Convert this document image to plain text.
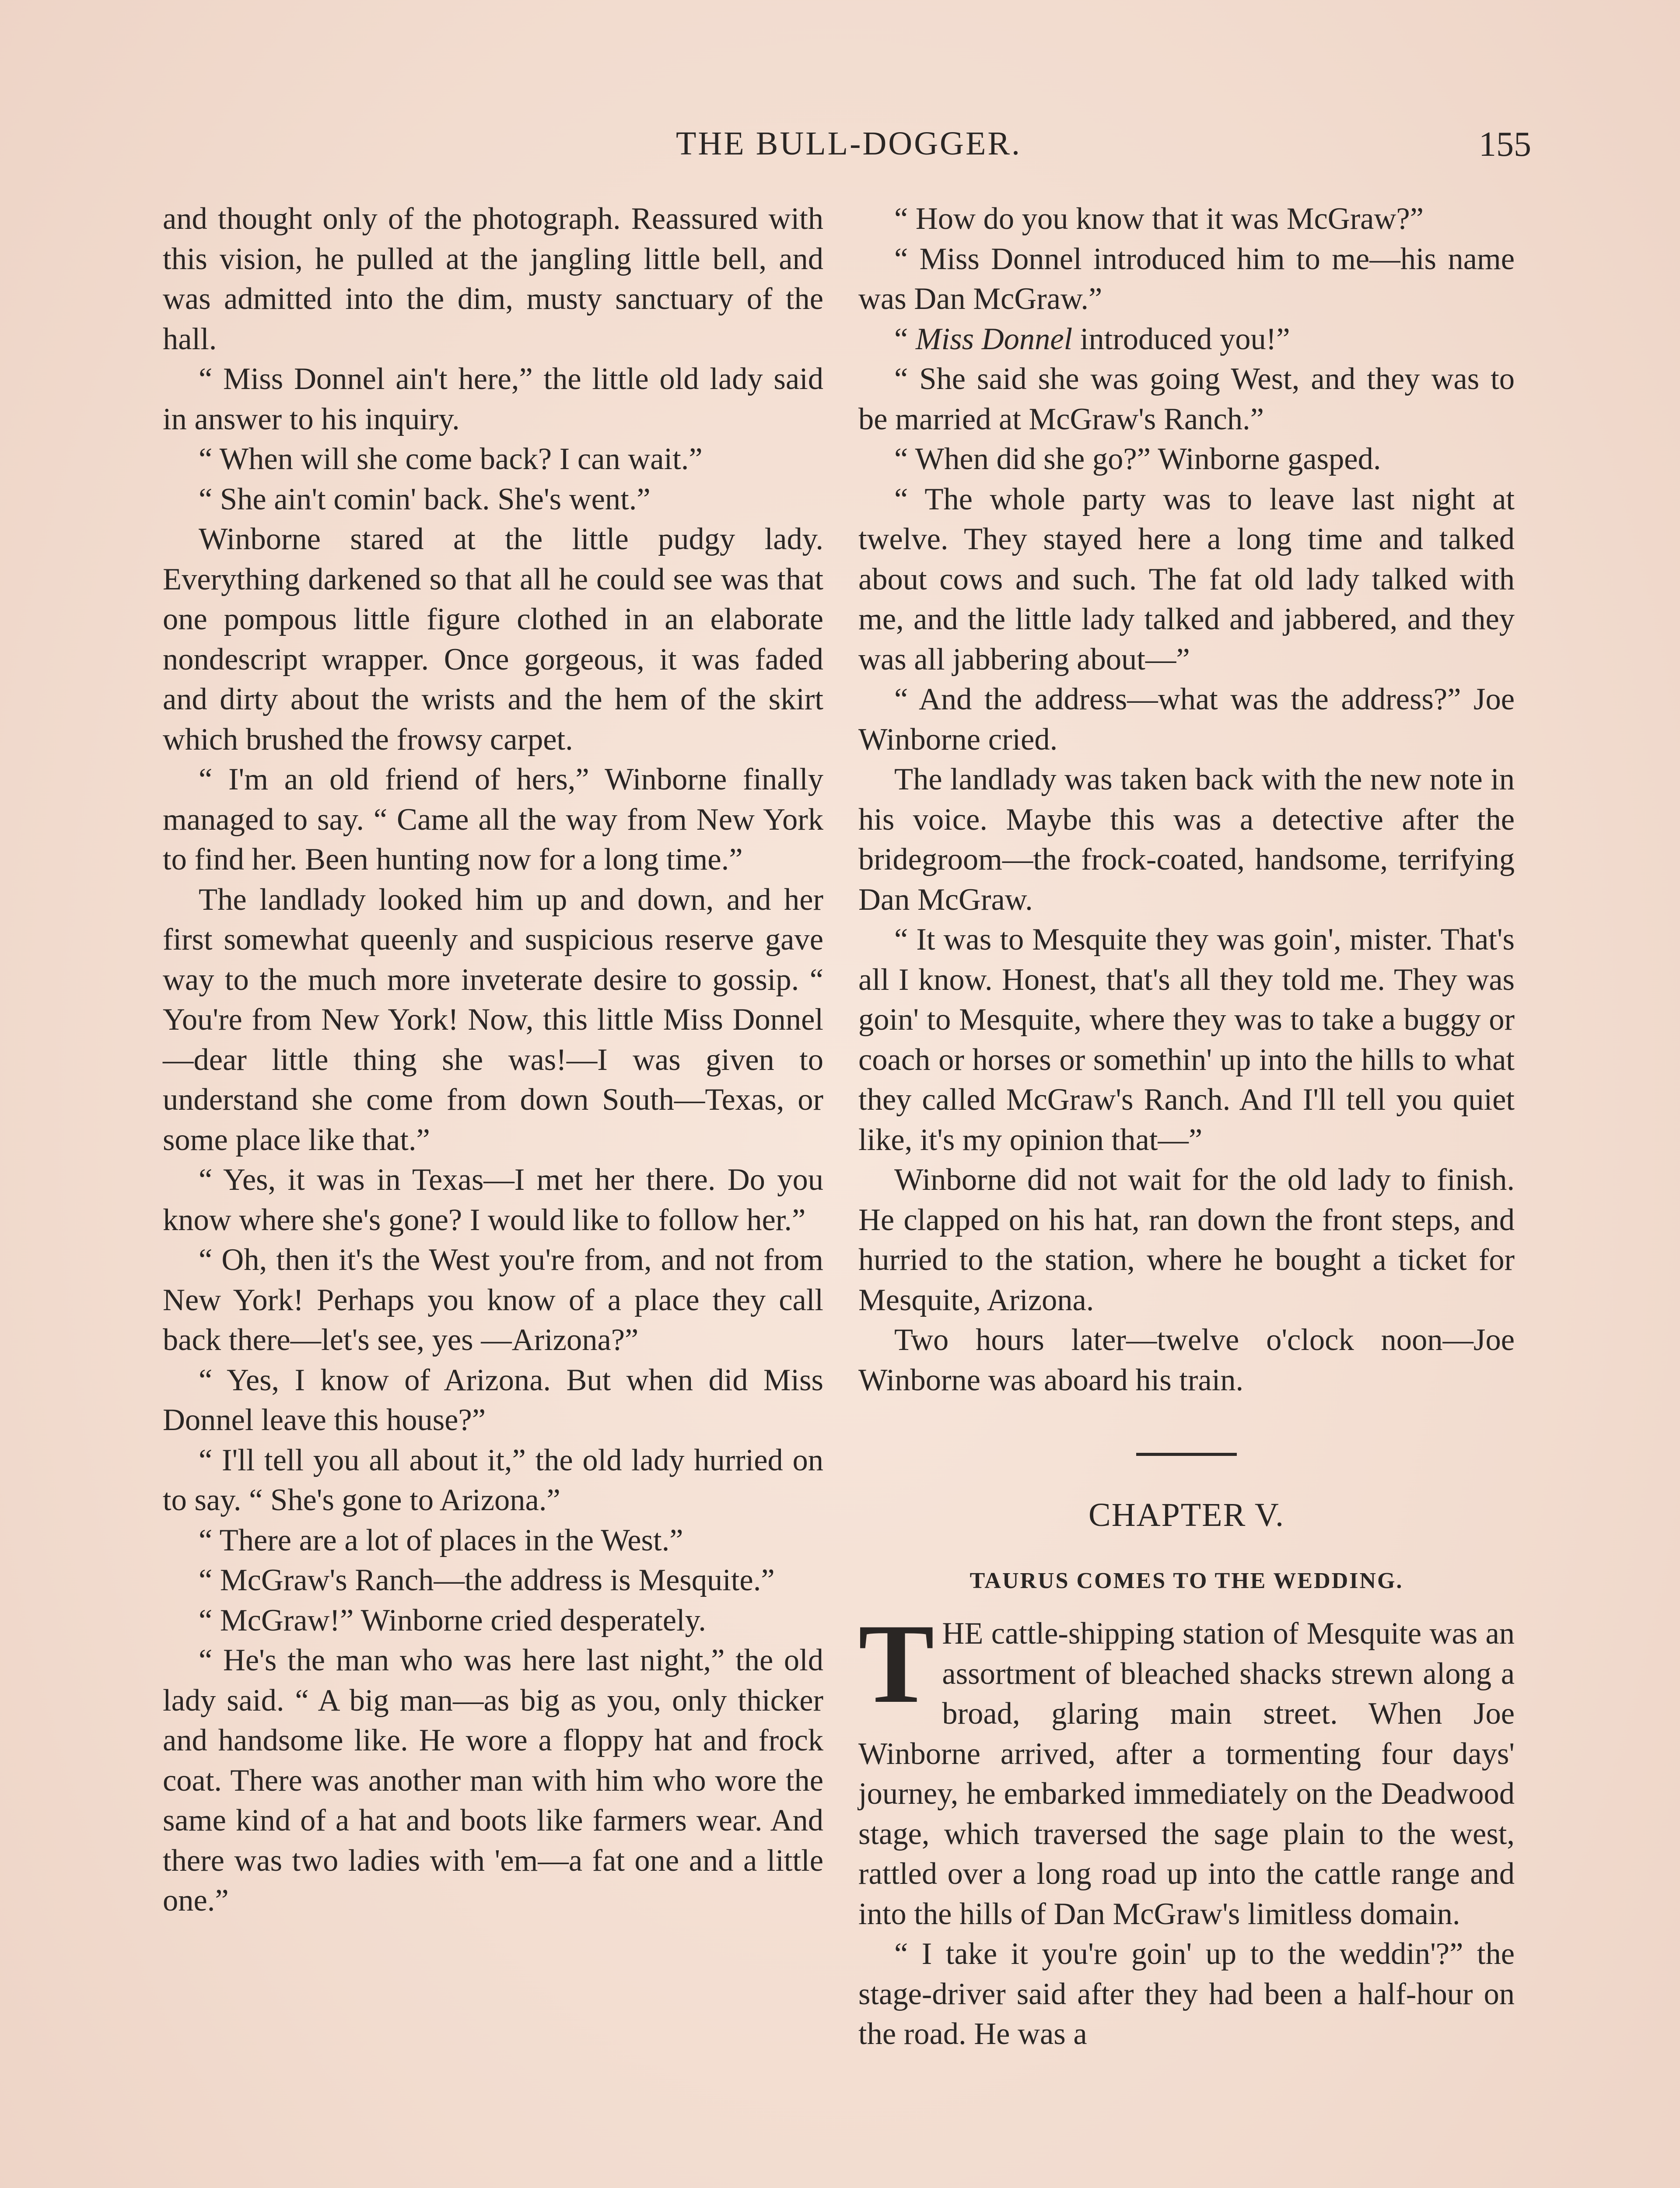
THE BULL-DOGGER.	155

and thought only of the photograph. Reassured with this vision, he pulled at the jangling little bell, and was admitted into the dim, musty sanctuary of the hall.

“ Miss Donnel ain't here,” the little old lady said in answer to his inquiry.

“ When will she come back? I can wait.”

“ She ain't comin' back. She's went.”

Winborne stared at the little pudgy lady. Everything darkened so that all he could see was that one pompous little figure clothed in an elaborate nondescript wrapper. Once gorgeous, it was faded and dirty about the wrists and the hem of the skirt which brushed the frowsy carpet.

“ I'm an old friend of hers,” Winborne finally managed to say. “ Came all the way from New York to find her. Been hunting now for a long time.”

The landlady looked him up and down, and her first somewhat queenly and suspicious reserve gave way to the much more inveterate desire to gossip. “ You're from New York! Now, this little Miss Donnel —dear little thing she was!—I was given to understand she come from down South—Texas, or some place like that.”

“ Yes, it was in Texas—I met her there. Do you know where she's gone? I would like to follow her.”

“ Oh, then it's the West you're from, and not from New York! Perhaps you know of a place they call back there—let's see, yes —Arizona?”

“ Yes, I know of Arizona. But when did Miss Donnel leave this house?”

“ I'll tell you all about it,” the old lady hurried on to say. “ She's gone to Arizona.”

“ There are a lot of places in the West.”

“ McGraw's Ranch—the address is Mesquite.”

“ McGraw!” Winborne cried desperately.

“ He's the man who was here last night,” the old lady said. “ A big man—as big as you, only thicker and handsome like. He wore a floppy hat and frock coat. There was another man with him who wore the same kind of a hat and boots like farmers wear. And there was two ladies with 'em—a fat one and a little one.”

“ How do you know that it was McGraw?”

“ Miss Donnel introduced him to me—his name was Dan McGraw.”

“ Miss Donnel introduced you!”

“ She said she was going West, and they was to be married at McGraw's Ranch.”

“ When did she go?” Winborne gasped.

“ The whole party was to leave last night at twelve. They stayed here a long time and talked about cows and such. The fat old lady talked with me, and the little lady talked and jabbered, and they was all jabbering about—”

“ And the address—what was the address?” Joe Winborne cried.

The landlady was taken back with the new note in his voice. Maybe this was a detective after the bridegroom—the frock-coated, handsome, terrifying Dan McGraw.

“ It was to Mesquite they was goin', mister. That's all I know. Honest, that's all they told me. They was goin' to Mesquite, where they was to take a buggy or coach or horses or somethin' up into the hills to what they called McGraw's Ranch. And I'll tell you quiet like, it's my opinion that—”

Winborne did not wait for the old lady to finish. He clapped on his hat, ran down the front steps, and hurried to the station, where he bought a ticket for Mesquite, Arizona.

Two hours later—twelve o'clock noon—Joe Winborne was aboard his train.

CHAPTER V.
TAURUS COMES TO THE WEDDING.

THE cattle-shipping station of Mesquite was an assortment of bleached shacks strewn along a broad, glaring main street. When Joe Winborne arrived, after a tormenting four days' journey, he embarked immediately on the Deadwood stage, which traversed the sage plain to the west, rattled over a long road up into the cattle range and into the hills of Dan McGraw's limitless domain.

“ I take it you're goin' up to the weddin'?” the stage-driver said after they had been a half-hour on the road. He was a
